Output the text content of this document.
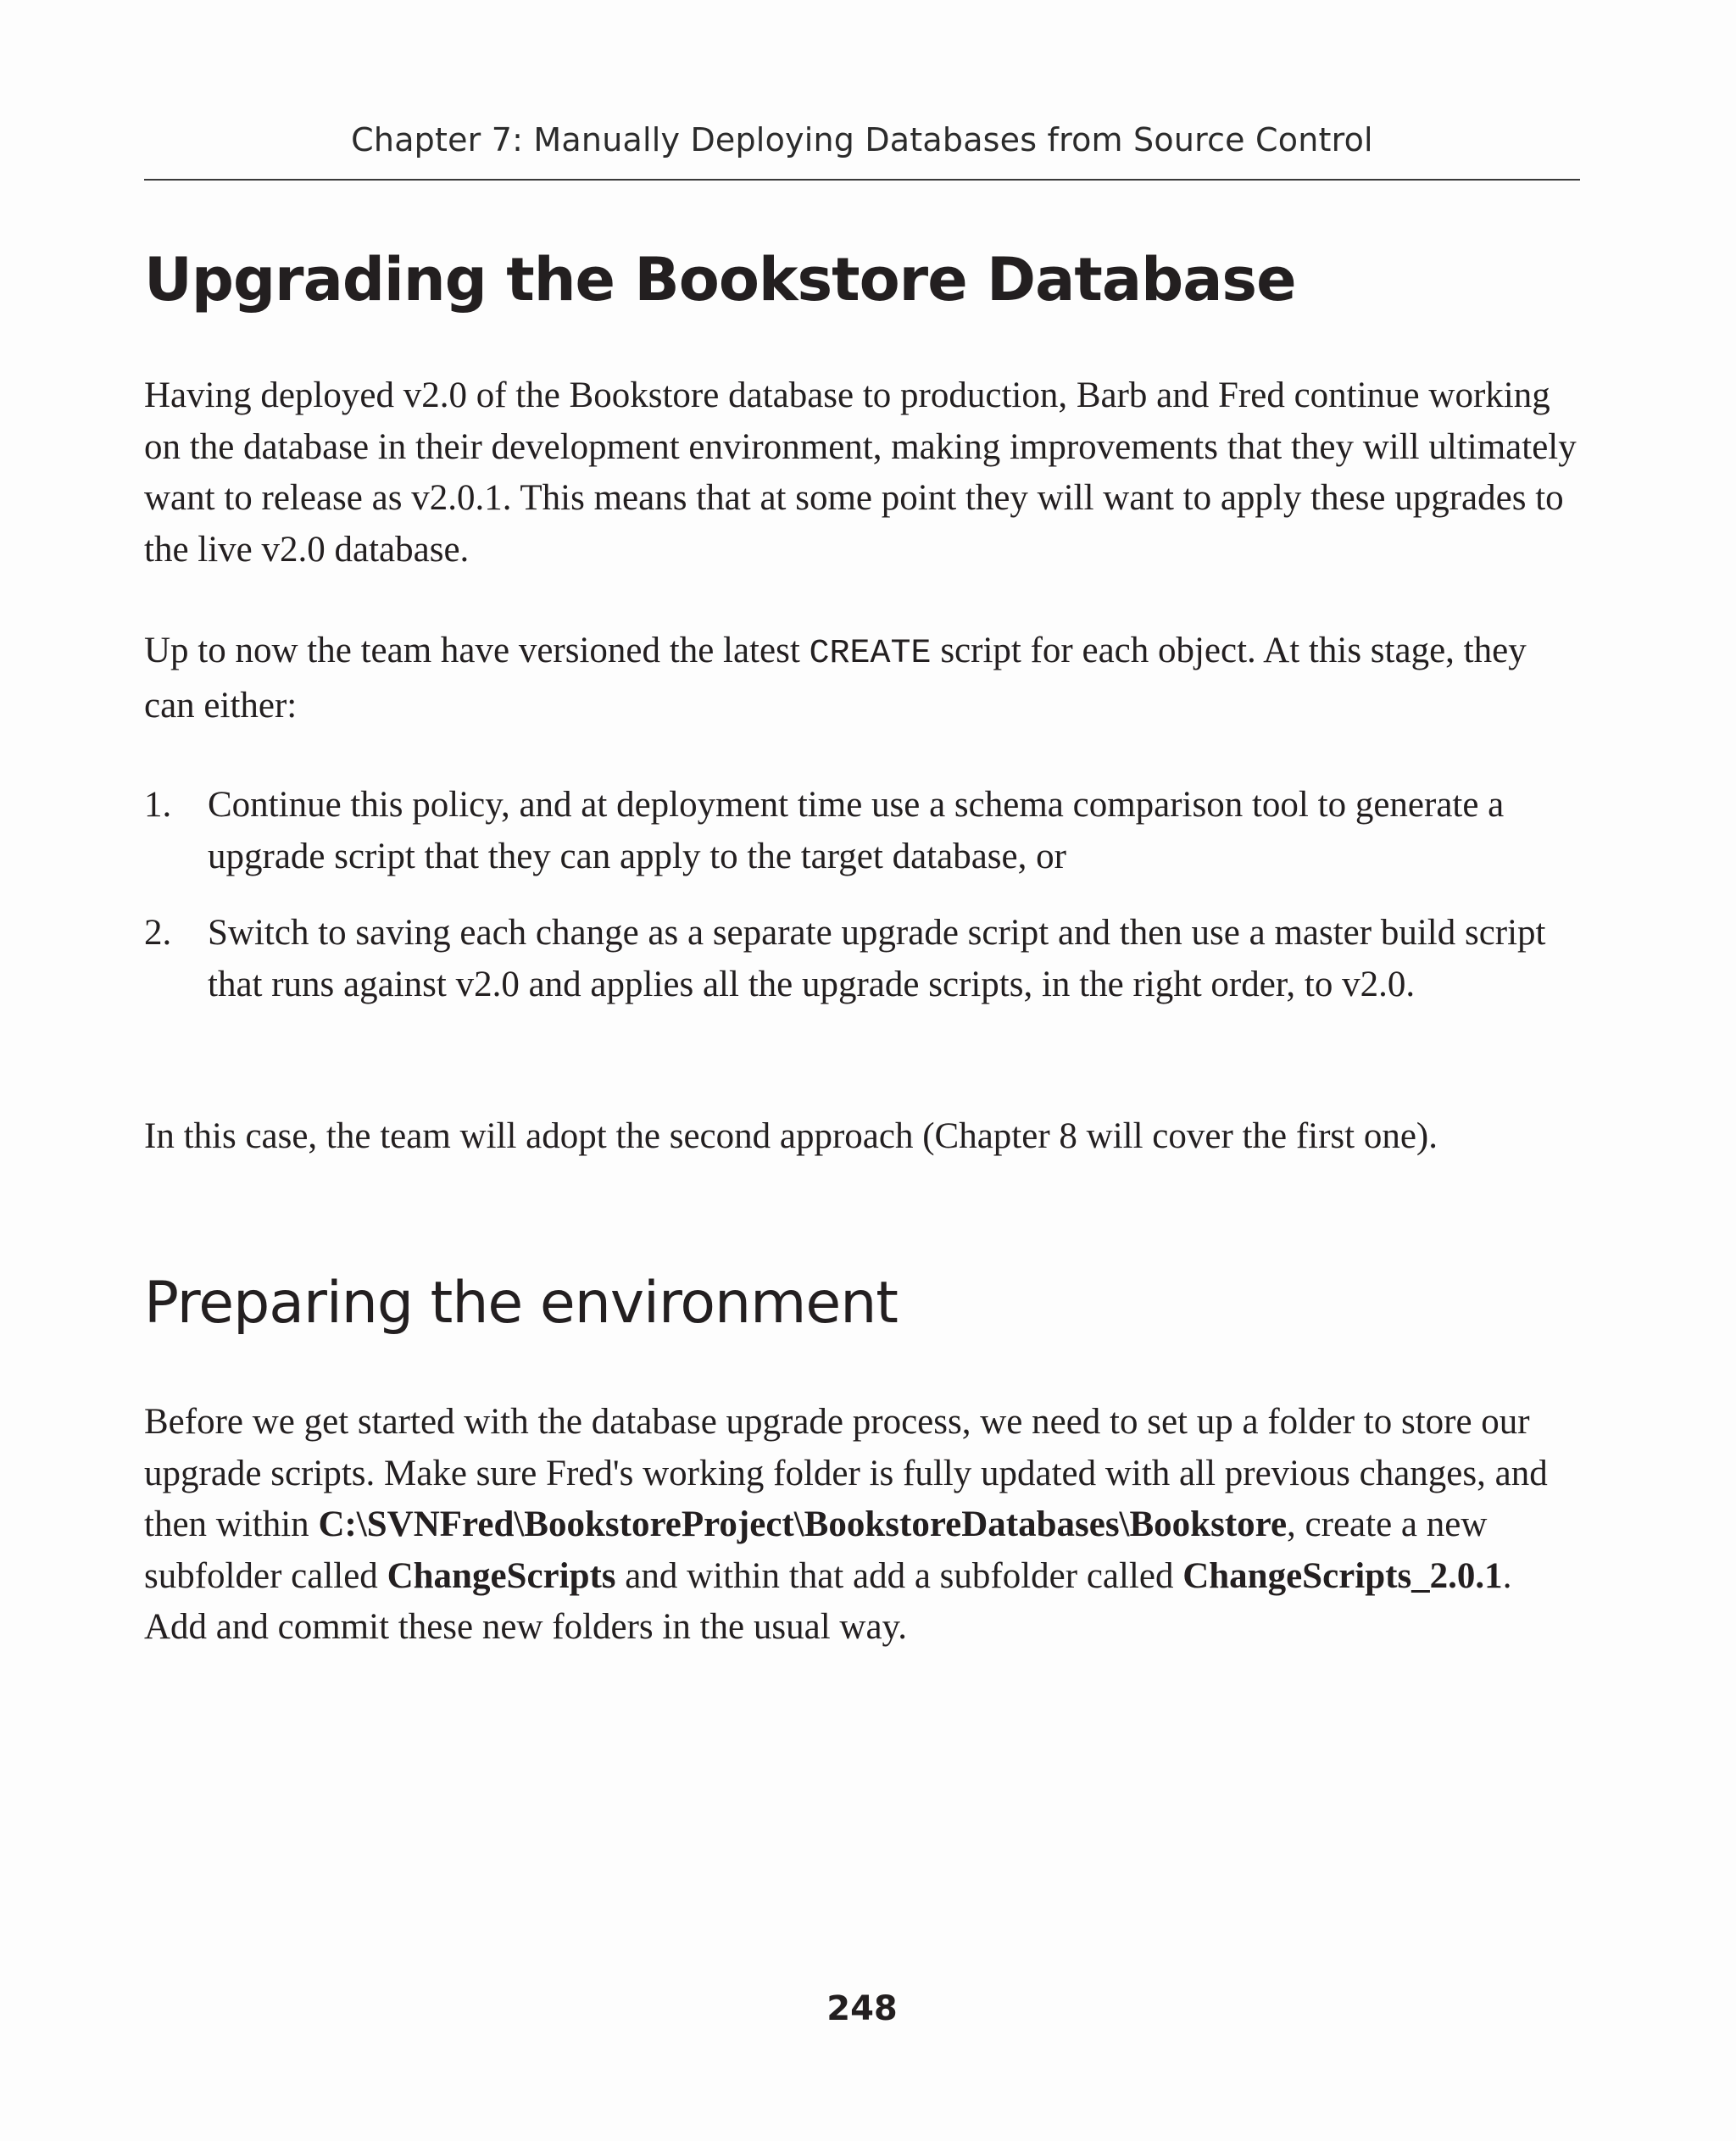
Chapter 7: Manually Deploying Databases from Source Control
Upgrading the Bookstore Database

Having deployed v2.0 of the Bookstore database to production, Barb and Fred continue working on the database in their development environment, making improvements that they will ultimately want to release as v2.0.1. This means that at some point they will want to apply these upgrades to the live v2.0 database.

Up to now the team have versioned the latest CREATE script for each object. At this stage, they can either:

1. Continue this policy, and at deployment time use a schema comparison tool to generate a upgrade script that they can apply to the target database, or
2. Switch to saving each change as a separate upgrade script and then use a master build script that runs against v2.0 and applies all the upgrade scripts, in the right order, to v2.0.

In this case, the team will adopt the second approach (Chapter 8 will cover the first one).

Preparing the environment

Before we get started with the database upgrade process, we need to set up a folder to store our upgrade scripts. Make sure Fred's working folder is fully updated with all previous changes, and then within C:\SVNFred\BookstoreProject\BookstoreDatabases\Bookstore, create a new subfolder called ChangeScripts and within that add a subfolder called ChangeScripts_2.0.1. Add and commit these new folders in the usual way.

248
